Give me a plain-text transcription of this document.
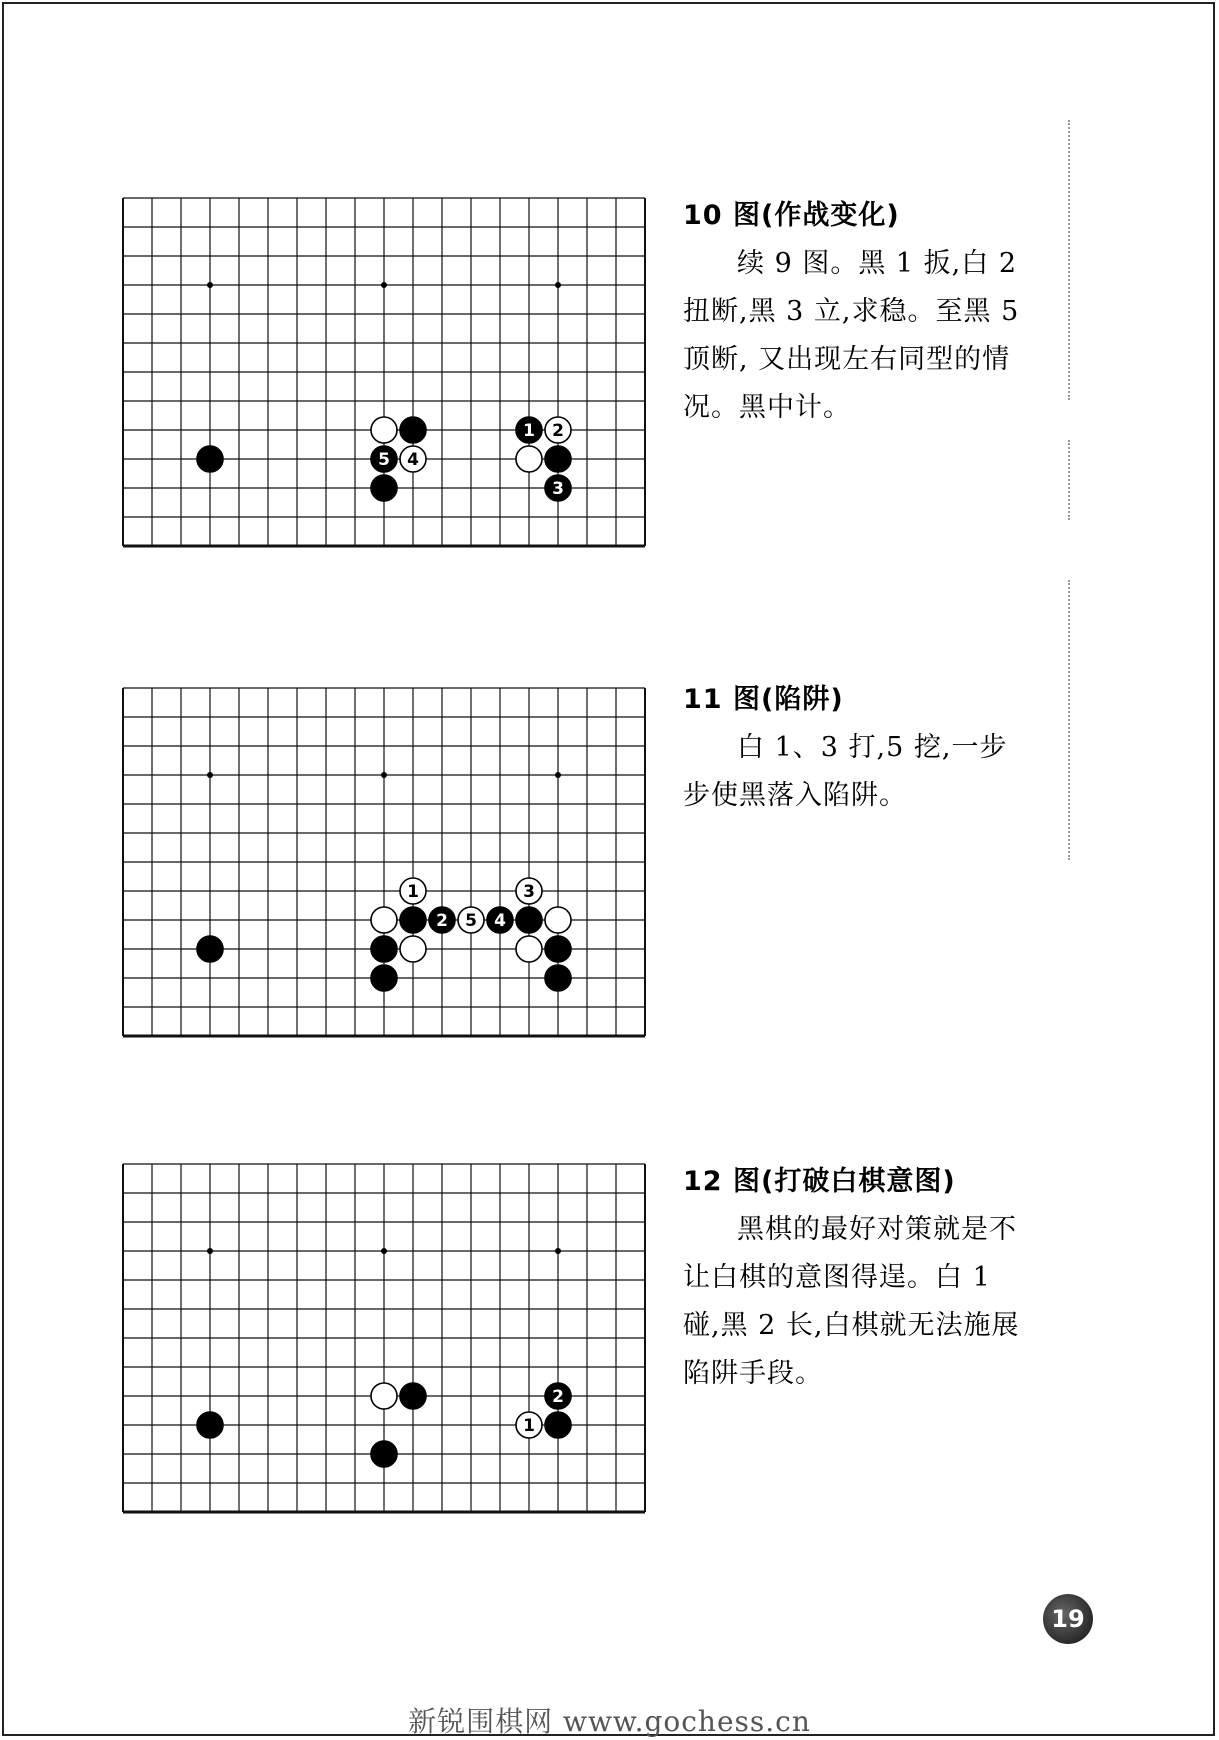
5 4
1 2
3
10 图(作战变化)
续 9 图。黑 1 扳,白 2 扭断,黑 3 立,求稳。至黑 5 顶断, 又出现左右同型的情况。黑中计。
1
2 5 4
3
11 图(陷阱)
白 1、3 打,5 挖,一步步使黑落入陷阱。
2
1
12 图(打破白棋意图)
黑棋的最好对策就是不让白棋的意图得逞。白 1 碰,黑 2 长,白棋就无法施展陷阱手段。
19
新锐围棋网 www.gochess.cn
